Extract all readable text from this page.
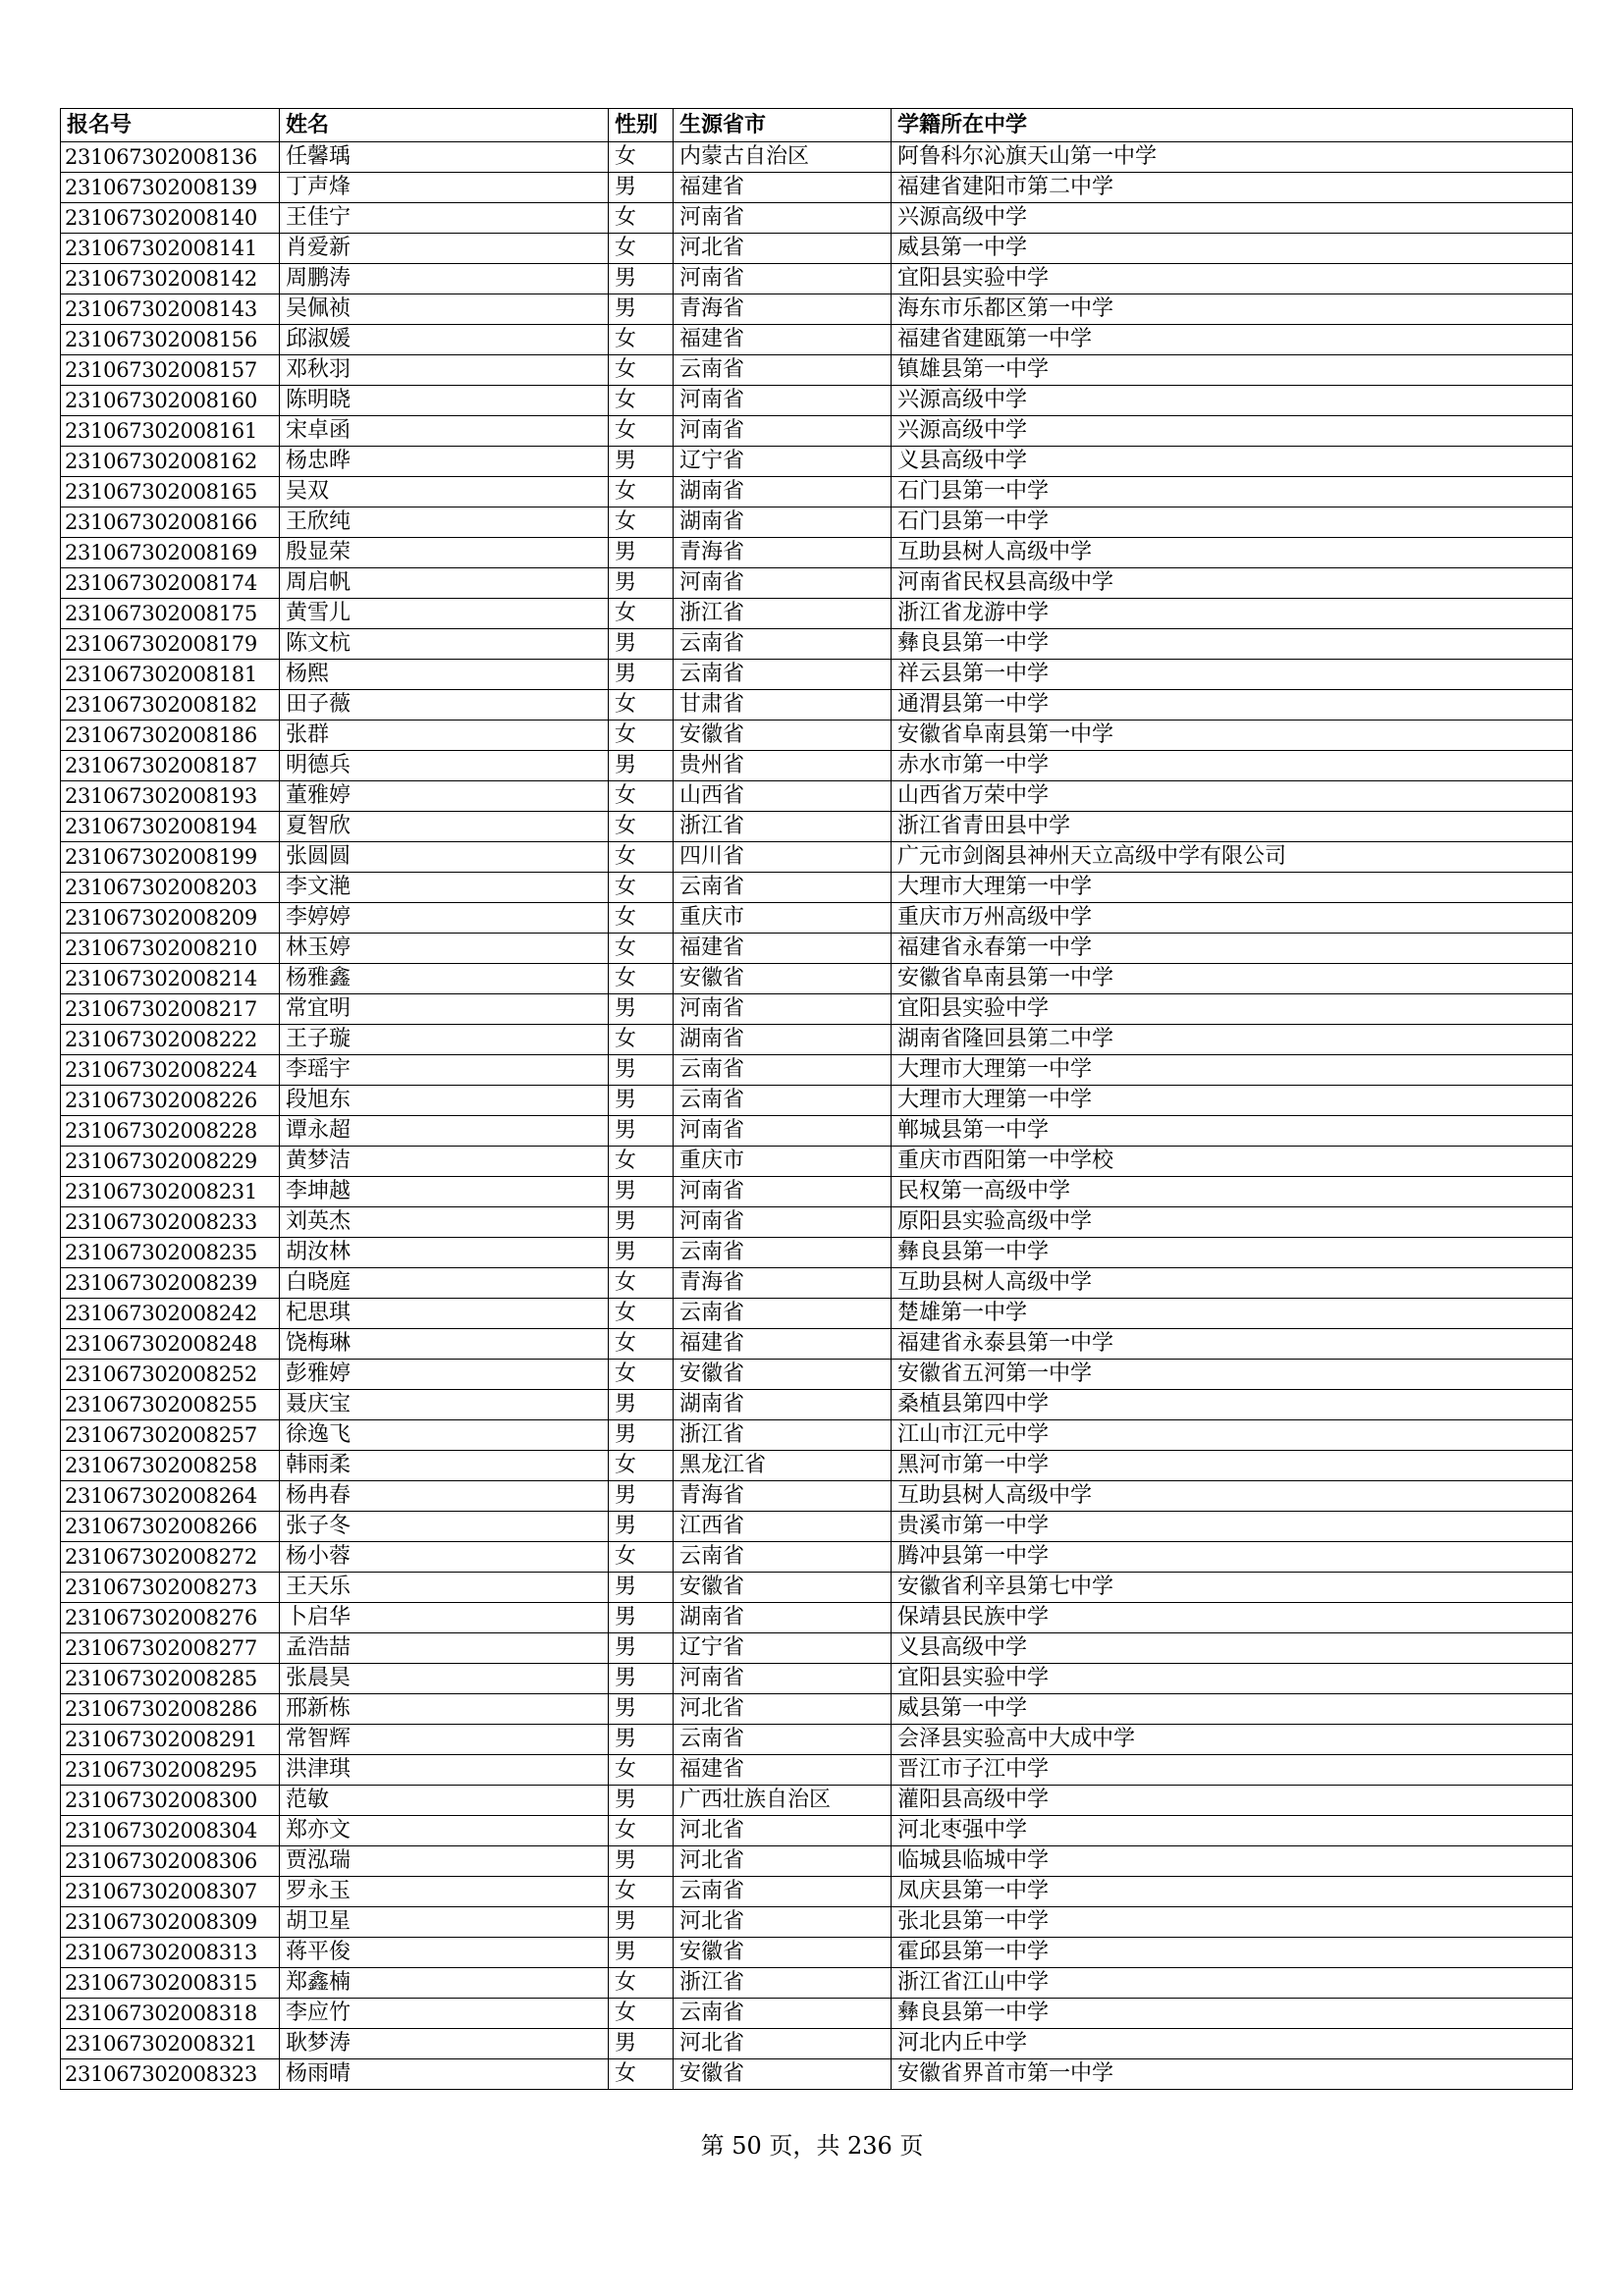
报名号	姓名	性别	生源省市	学籍所在中学
231067302008136	任馨瑀	女	内蒙古自治区	阿鲁科尔沁旗天山第一中学
231067302008139	丁声烽	男	福建省	福建省建阳市第二中学
231067302008140	王佳宁	女	河南省	兴源高级中学
231067302008141	肖爱新	女	河北省	威县第一中学
231067302008142	周鹏涛	男	河南省	宜阳县实验中学
231067302008143	吴佩祯	男	青海省	海东市乐都区第一中学
231067302008156	邱淑媛	女	福建省	福建省建瓯第一中学
231067302008157	邓秋羽	女	云南省	镇雄县第一中学
231067302008160	陈明晓	女	河南省	兴源高级中学
231067302008161	宋卓函	女	河南省	兴源高级中学
231067302008162	杨忠晔	男	辽宁省	义县高级中学
231067302008165	吴双	女	湖南省	石门县第一中学
231067302008166	王欣纯	女	湖南省	石门县第一中学
231067302008169	殷显荣	男	青海省	互助县树人高级中学
231067302008174	周启帆	男	河南省	河南省民权县高级中学
231067302008175	黄雪儿	女	浙江省	浙江省龙游中学
231067302008179	陈文杭	男	云南省	彝良县第一中学
231067302008181	杨熙	男	云南省	祥云县第一中学
231067302008182	田子薇	女	甘肃省	通渭县第一中学
231067302008186	张群	女	安徽省	安徽省阜南县第一中学
231067302008187	明德兵	男	贵州省	赤水市第一中学
231067302008193	董雅婷	女	山西省	山西省万荣中学
231067302008194	夏智欣	女	浙江省	浙江省青田县中学
231067302008199	张圆圆	女	四川省	广元市剑阁县神州天立高级中学有限公司
231067302008203	李文滟	女	云南省	大理市大理第一中学
231067302008209	李婷婷	女	重庆市	重庆市万州高级中学
231067302008210	林玉婷	女	福建省	福建省永春第一中学
231067302008214	杨雅鑫	女	安徽省	安徽省阜南县第一中学
231067302008217	常宜明	男	河南省	宜阳县实验中学
231067302008222	王子璇	女	湖南省	湖南省隆回县第二中学
231067302008224	李瑶宇	男	云南省	大理市大理第一中学
231067302008226	段旭东	男	云南省	大理市大理第一中学
231067302008228	谭永超	男	河南省	郸城县第一中学
231067302008229	黄梦洁	女	重庆市	重庆市酉阳第一中学校
231067302008231	李坤越	男	河南省	民权第一高级中学
231067302008233	刘英杰	男	河南省	原阳县实验高级中学
231067302008235	胡汝林	男	云南省	彝良县第一中学
231067302008239	白晓庭	女	青海省	互助县树人高级中学
231067302008242	杞思琪	女	云南省	楚雄第一中学
231067302008248	饶梅琳	女	福建省	福建省永泰县第一中学
231067302008252	彭雅婷	女	安徽省	安徽省五河第一中学
231067302008255	聂庆宝	男	湖南省	桑植县第四中学
231067302008257	徐逸飞	男	浙江省	江山市江元中学
231067302008258	韩雨柔	女	黑龙江省	黑河市第一中学
231067302008264	杨冉春	男	青海省	互助县树人高级中学
231067302008266	张子冬	男	江西省	贵溪市第一中学
231067302008272	杨小蓉	女	云南省	腾冲县第一中学
231067302008273	王天乐	男	安徽省	安徽省利辛县第七中学
231067302008276	卜启华	男	湖南省	保靖县民族中学
231067302008277	孟浩喆	男	辽宁省	义县高级中学
231067302008285	张晨昊	男	河南省	宜阳县实验中学
231067302008286	邢新栋	男	河北省	威县第一中学
231067302008291	常智辉	男	云南省	会泽县实验高中大成中学
231067302008295	洪津琪	女	福建省	晋江市子江中学
231067302008300	范敏	男	广西壮族自治区	灌阳县高级中学
231067302008304	郑亦文	女	河北省	河北枣强中学
231067302008306	贾泓瑞	男	河北省	临城县临城中学
231067302008307	罗永玉	女	云南省	凤庆县第一中学
231067302008309	胡卫星	男	河北省	张北县第一中学
231067302008313	蒋平俊	男	安徽省	霍邱县第一中学
231067302008315	郑鑫楠	女	浙江省	浙江省江山中学
231067302008318	李应竹	女	云南省	彝良县第一中学
231067302008321	耿梦涛	男	河北省	河北内丘中学
231067302008323	杨雨晴	女	安徽省	安徽省界首市第一中学
第 50 页，共 236 页
